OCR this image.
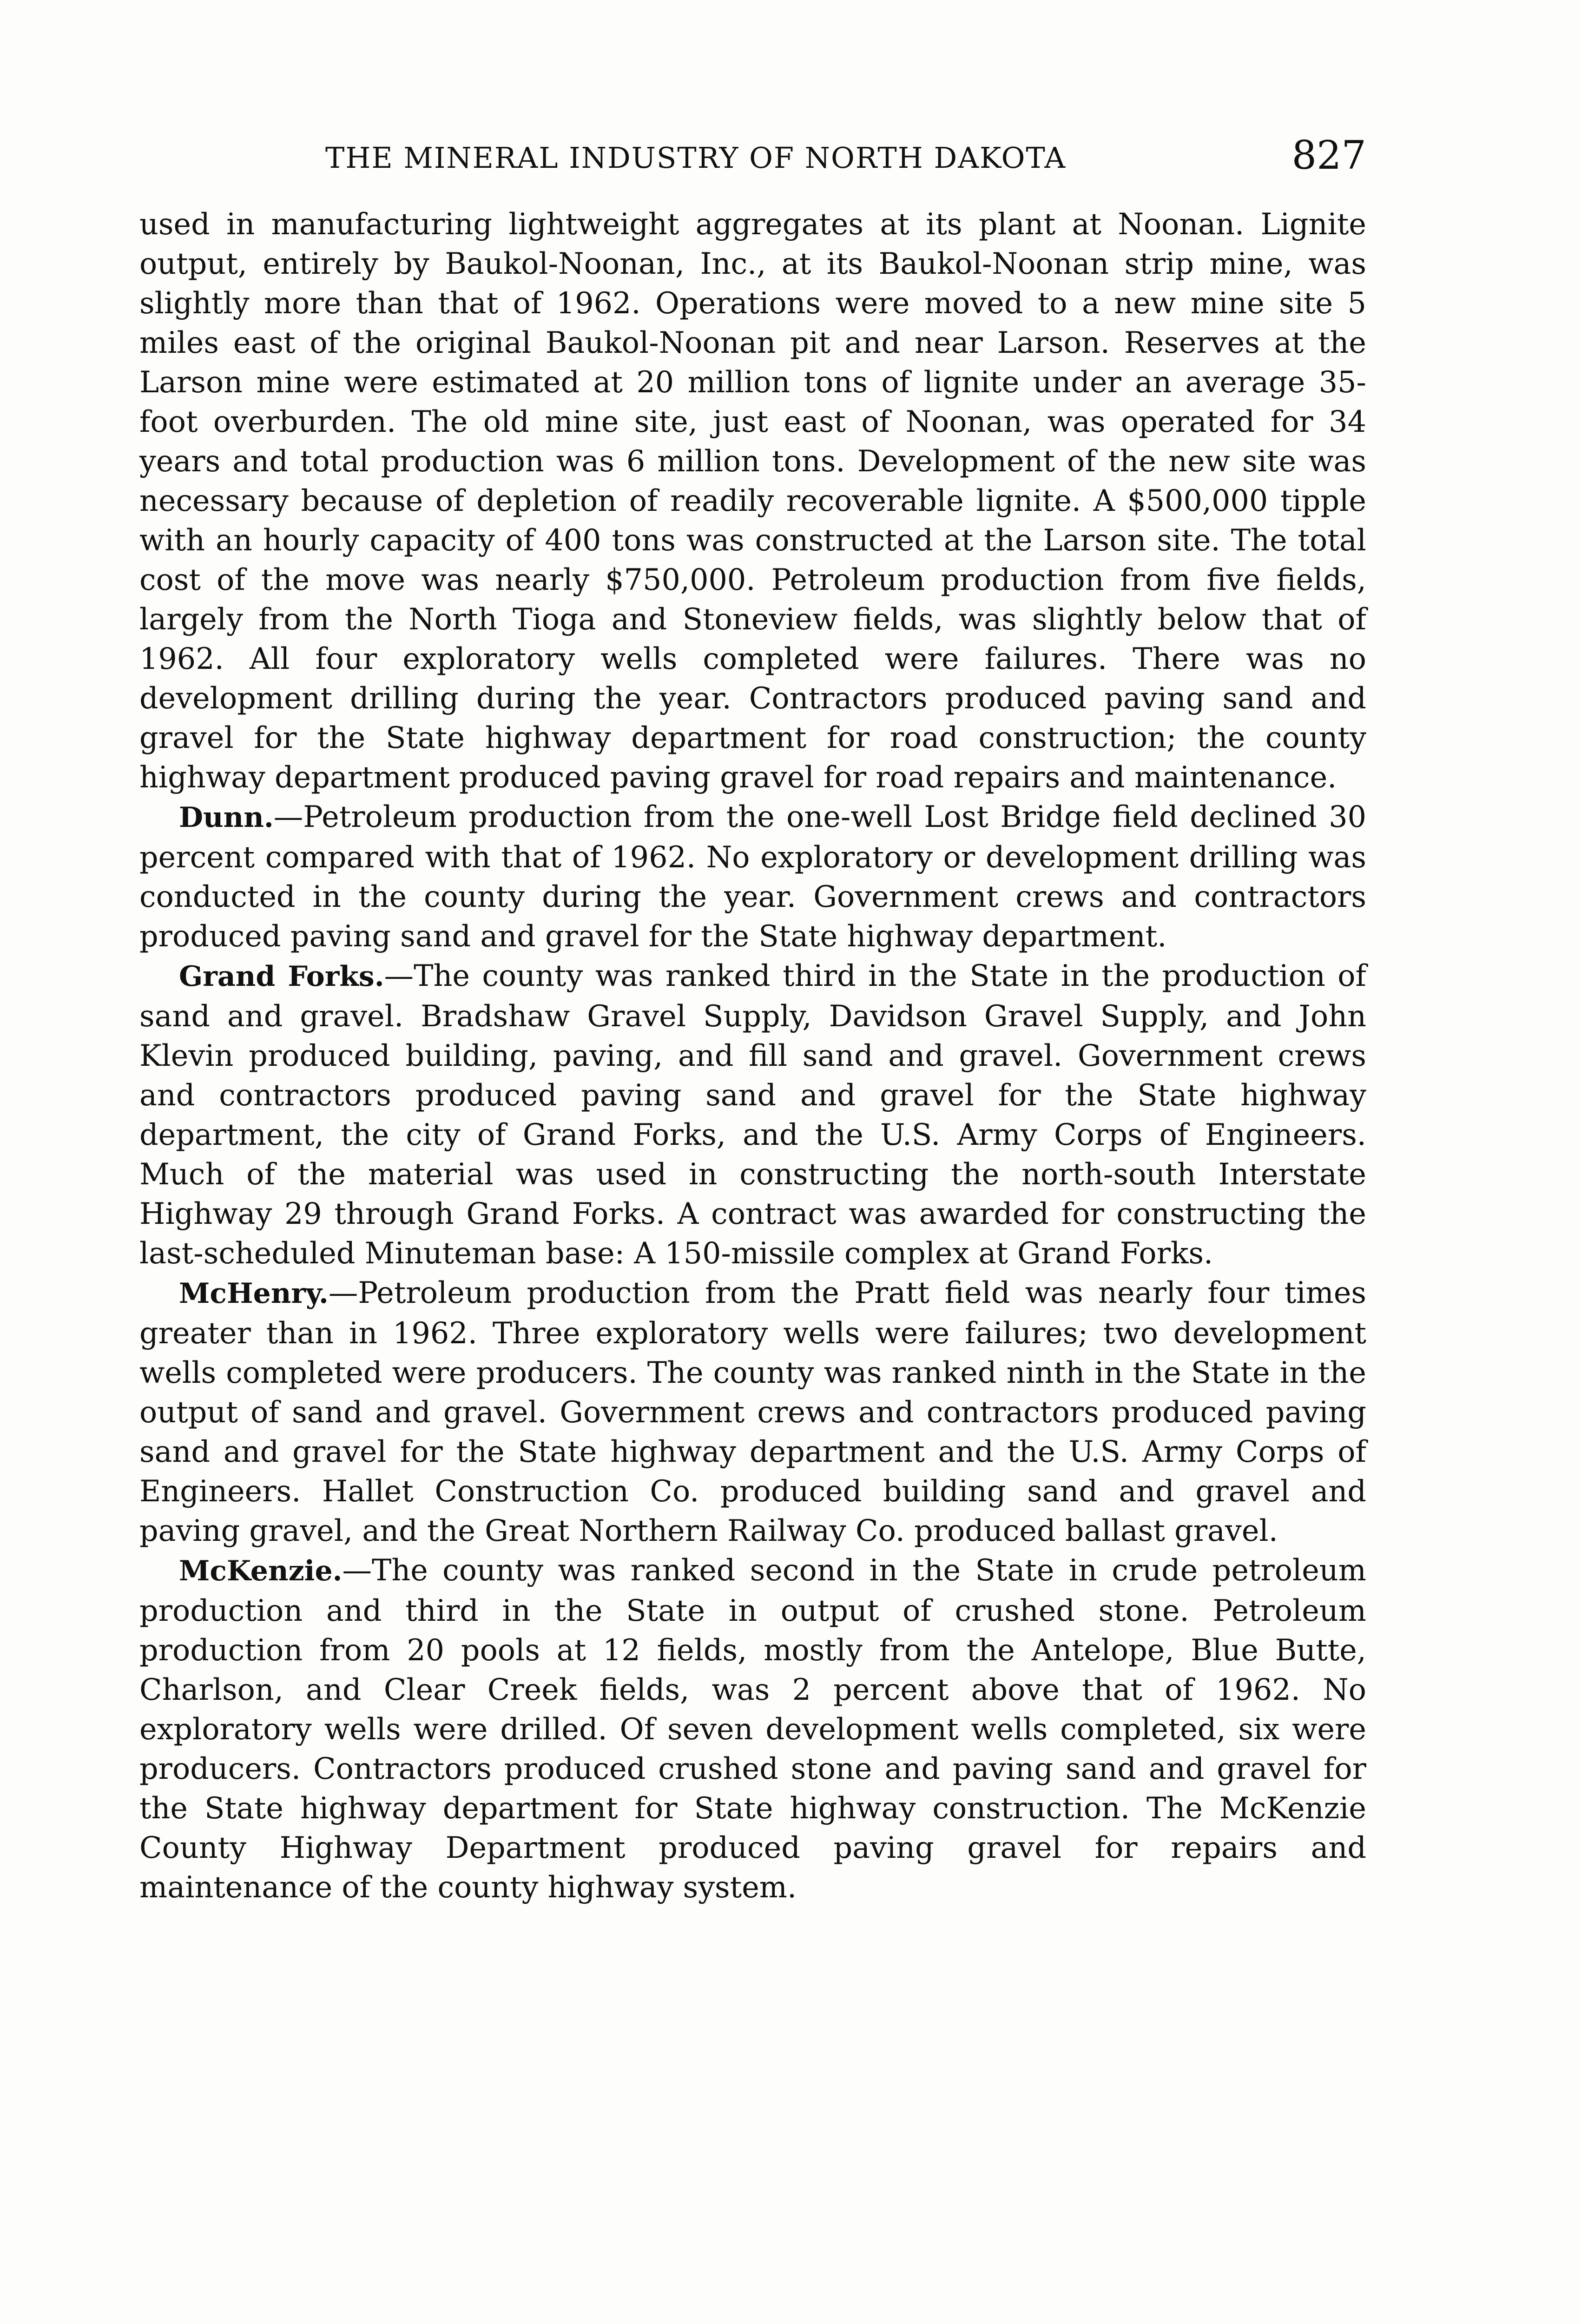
THE MINERAL INDUSTRY OF NORTH DAKOTA	827

used in manufacturing lightweight aggregates at its plant at Noonan. Lignite output, entirely by Baukol-Noonan, Inc., at its Baukol-Noonan strip mine, was slightly more than that of 1962. Operations were moved to a new mine site 5 miles east of the original Baukol-Noonan pit and near Larson. Reserves at the Larson mine were estimated at 20 million tons of lignite under an average 35-foot overburden. The old mine site, just east of Noonan, was operated for 34 years and total production was 6 million tons. Development of the new site was necessary because of depletion of readily recoverable lignite. A $500,000 tipple with an hourly capacity of 400 tons was constructed at the Larson site. The total cost of the move was nearly $750,000. Petroleum production from five fields, largely from the North Tioga and Stoneview fields, was slightly below that of 1962. All four exploratory wells completed were failures. There was no development drilling during the year. Contractors produced paving sand and gravel for the State highway department for road construction; the county highway department produced paving gravel for road repairs and maintenance.

Dunn.—Petroleum production from the one-well Lost Bridge field declined 30 percent compared with that of 1962. No exploratory or development drilling was conducted in the county during the year. Government crews and contractors produced paving sand and gravel for the State highway department.

Grand Forks.—The county was ranked third in the State in the production of sand and gravel. Bradshaw Gravel Supply, Davidson Gravel Supply, and John Klevin produced building, paving, and fill sand and gravel. Government crews and contractors produced paving sand and gravel for the State highway department, the city of Grand Forks, and the U.S. Army Corps of Engineers. Much of the material was used in constructing the north-south Interstate Highway 29 through Grand Forks. A contract was awarded for constructing the last-scheduled Minuteman base: A 150-missile complex at Grand Forks.

McHenry.—Petroleum production from the Pratt field was nearly four times greater than in 1962. Three exploratory wells were failures; two development wells completed were producers. The county was ranked ninth in the State in the output of sand and gravel. Government crews and contractors produced paving sand and gravel for the State highway department and the U.S. Army Corps of Engineers. Hallet Construction Co. produced building sand and gravel and paving gravel, and the Great Northern Railway Co. produced ballast gravel.

McKenzie.—The county was ranked second in the State in crude petroleum production and third in the State in output of crushed stone. Petroleum production from 20 pools at 12 fields, mostly from the Antelope, Blue Butte, Charlson, and Clear Creek fields, was 2 percent above that of 1962. No exploratory wells were drilled. Of seven development wells completed, six were producers. Contractors produced crushed stone and paving sand and gravel for the State highway department for State highway construction. The McKenzie County Highway Department produced paving gravel for repairs and maintenance of the county highway system.
